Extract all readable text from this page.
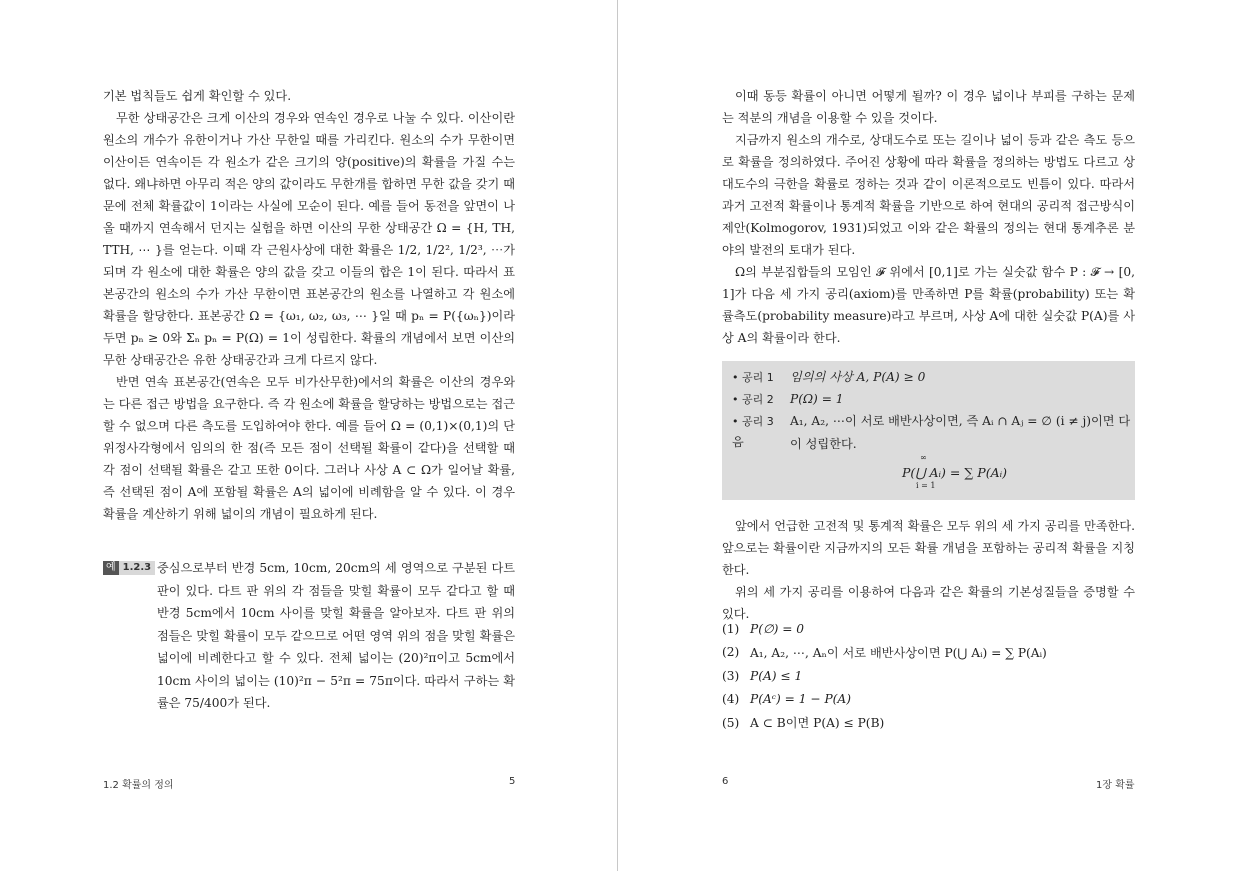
기본 법칙들도 쉽게 확인할 수 있다.

무한 상태공간은 크게 이산의 경우와 연속인 경우로 나눌 수 있다. 이산이란 원소의 개수가 유한이거나 가산 무한일 때를 가리킨다. 원소의 수가 무한이면 이산이든 연속이든 각 원소가 같은 크기의 양(positive)의 확률을 가질 수는 없다. 왜냐하면 아무리 적은 양의 값이라도 무한개를 합하면 무한 값을 갖기 때문에 전체 확률값이 1이라는 사실에 모순이 된다. 예를 들어 동전을 앞면이 나올 때까지 연속해서 던지는 실험을 하면 이산의 무한 상태공간 Ω = {H, TH, TTH, ⋯ }를 얻는다. 이때 각 근원사상에 대한 확률은 1/2, 1/2², 1/2³, ⋯가 되며 각 원소에 대한 확률은 양의 값을 갖고 이들의 합은 1이 된다. 따라서 표본공간의 원소의 수가 가산 무한이면 표본공간의 원소를 나열하고 각 원소에 확률을 할당한다. 표본공간 Ω = {ω₁, ω₂, ω₃, ⋯ }일 때 pₙ = P({ωₙ})이라 두면 pₙ ≥ 0와 Σₙ pₙ = P(Ω) = 1이 성립한다. 확률의 개념에서 보면 이산의 무한 상태공간은 유한 상태공간과 크게 다르지 않다.

반면 연속 표본공간(연속은 모두 비가산무한)에서의 확률은 이산의 경우와는 다른 접근 방법을 요구한다. 즉 각 원소에 확률을 할당하는 방법으로는 접근할 수 없으며 다른 측도를 도입하여야 한다. 예를 들어 Ω = (0,1)×(0,1)의 단위정사각형에서 임의의 한 점(즉 모든 점이 선택될 확률이 같다)을 선택할 때 각 점이 선택될 확률은 같고 또한 0이다. 그러나 사상 A ⊂ Ω가 일어날 확률, 즉 선택된 점이 A에 포함될 확률은 A의 넓이에 비례함을 알 수 있다. 이 경우 확률을 계산하기 위해 넓이의 개념이 필요하게 된다.

예 1.2.3 중심으로부터 반경 5cm, 10cm, 20cm의 세 영역으로 구분된 다트 판이 있다. 다트 판 위의 각 점들을 맞힐 확률이 모두 같다고 할 때 반경 5cm에서 10cm 사이를 맞힐 확률을 알아보자. 다트 판 위의 점들은 맞힐 확률이 모두 같으므로 어떤 영역 위의 점을 맞힐 확률은 넓이에 비례한다고 할 수 있다. 전체 넓이는 (20)²π이고 5cm에서 10cm 사이의 넓이는 (10)²π − 5²π = 75π이다. 따라서 구하는 확률은 75/400가 된다.
1.2 확률의 정의	5

이때 동등 확률이 아니면 어떻게 될까? 이 경우 넓이나 부피를 구하는 문제는 적분의 개념을 이용할 수 있을 것이다.

지금까지 원소의 개수로, 상대도수로 또는 길이나 넓이 등과 같은 측도 등으로 확률을 정의하였다. 주어진 상황에 따라 확률을 정의하는 방법도 다르고 상대도수의 극한을 확률로 정하는 것과 같이 이론적으로도 빈틈이 있다. 따라서 과거 고전적 확률이나 통계적 확률을 기반으로 하여 현대의 공리적 접근방식이 제안(Kolmogorov, 1931)되었고 이와 같은 확률의 정의는 현대 통계추론 분야의 발전의 토대가 된다.

Ω의 부분집합들의 모임인 𝓕 위에서 [0,1]로 가는 실숫값 함수 P : 𝓕 → [0, 1]가 다음 세 가지 공리(axiom)를 만족하면 P를 확률(probability) 또는 확률측도(probability measure)라고 부르며, 사상 A에 대한 실숫값 P(A)를 사상 A의 확률이라 한다.

• 공리 1 임의의 사상 A, P(A) ≥ 0
• 공리 2 P(Ω) = 1
• 공리 3 A₁, A₂, ⋯이 서로 배반사상이면, 즉 Aᵢ ∩ Aⱼ = ∅ (i ≠ j)이면 다음	이 성립한다.
P(⋃ Aᵢ) = ∑ P(Aᵢ)
∞
i = 1

앞에서 언급한 고전적 및 통계적 확률은 모두 위의 세 가지 공리를 만족한다. 앞으로는 확률이란 지금까지의 모든 확률 개념을 포함하는 공리적 확률을 지칭한다.

위의 세 가지 공리를 이용하여 다음과 같은 확률의 기본성질들을 증명할 수 있다.

(1) P(∅) = 0
(2) A₁, A₂, ⋯, Aₙ이 서로 배반사상이면 P(⋃ Aᵢ) = ∑ P(Aᵢ)
(3) P(A) ≤ 1
(4) P(Aᶜ) = 1 − P(A)
(5) A ⊂ B이면 P(A) ≤ P(B)
6	1장 확률
